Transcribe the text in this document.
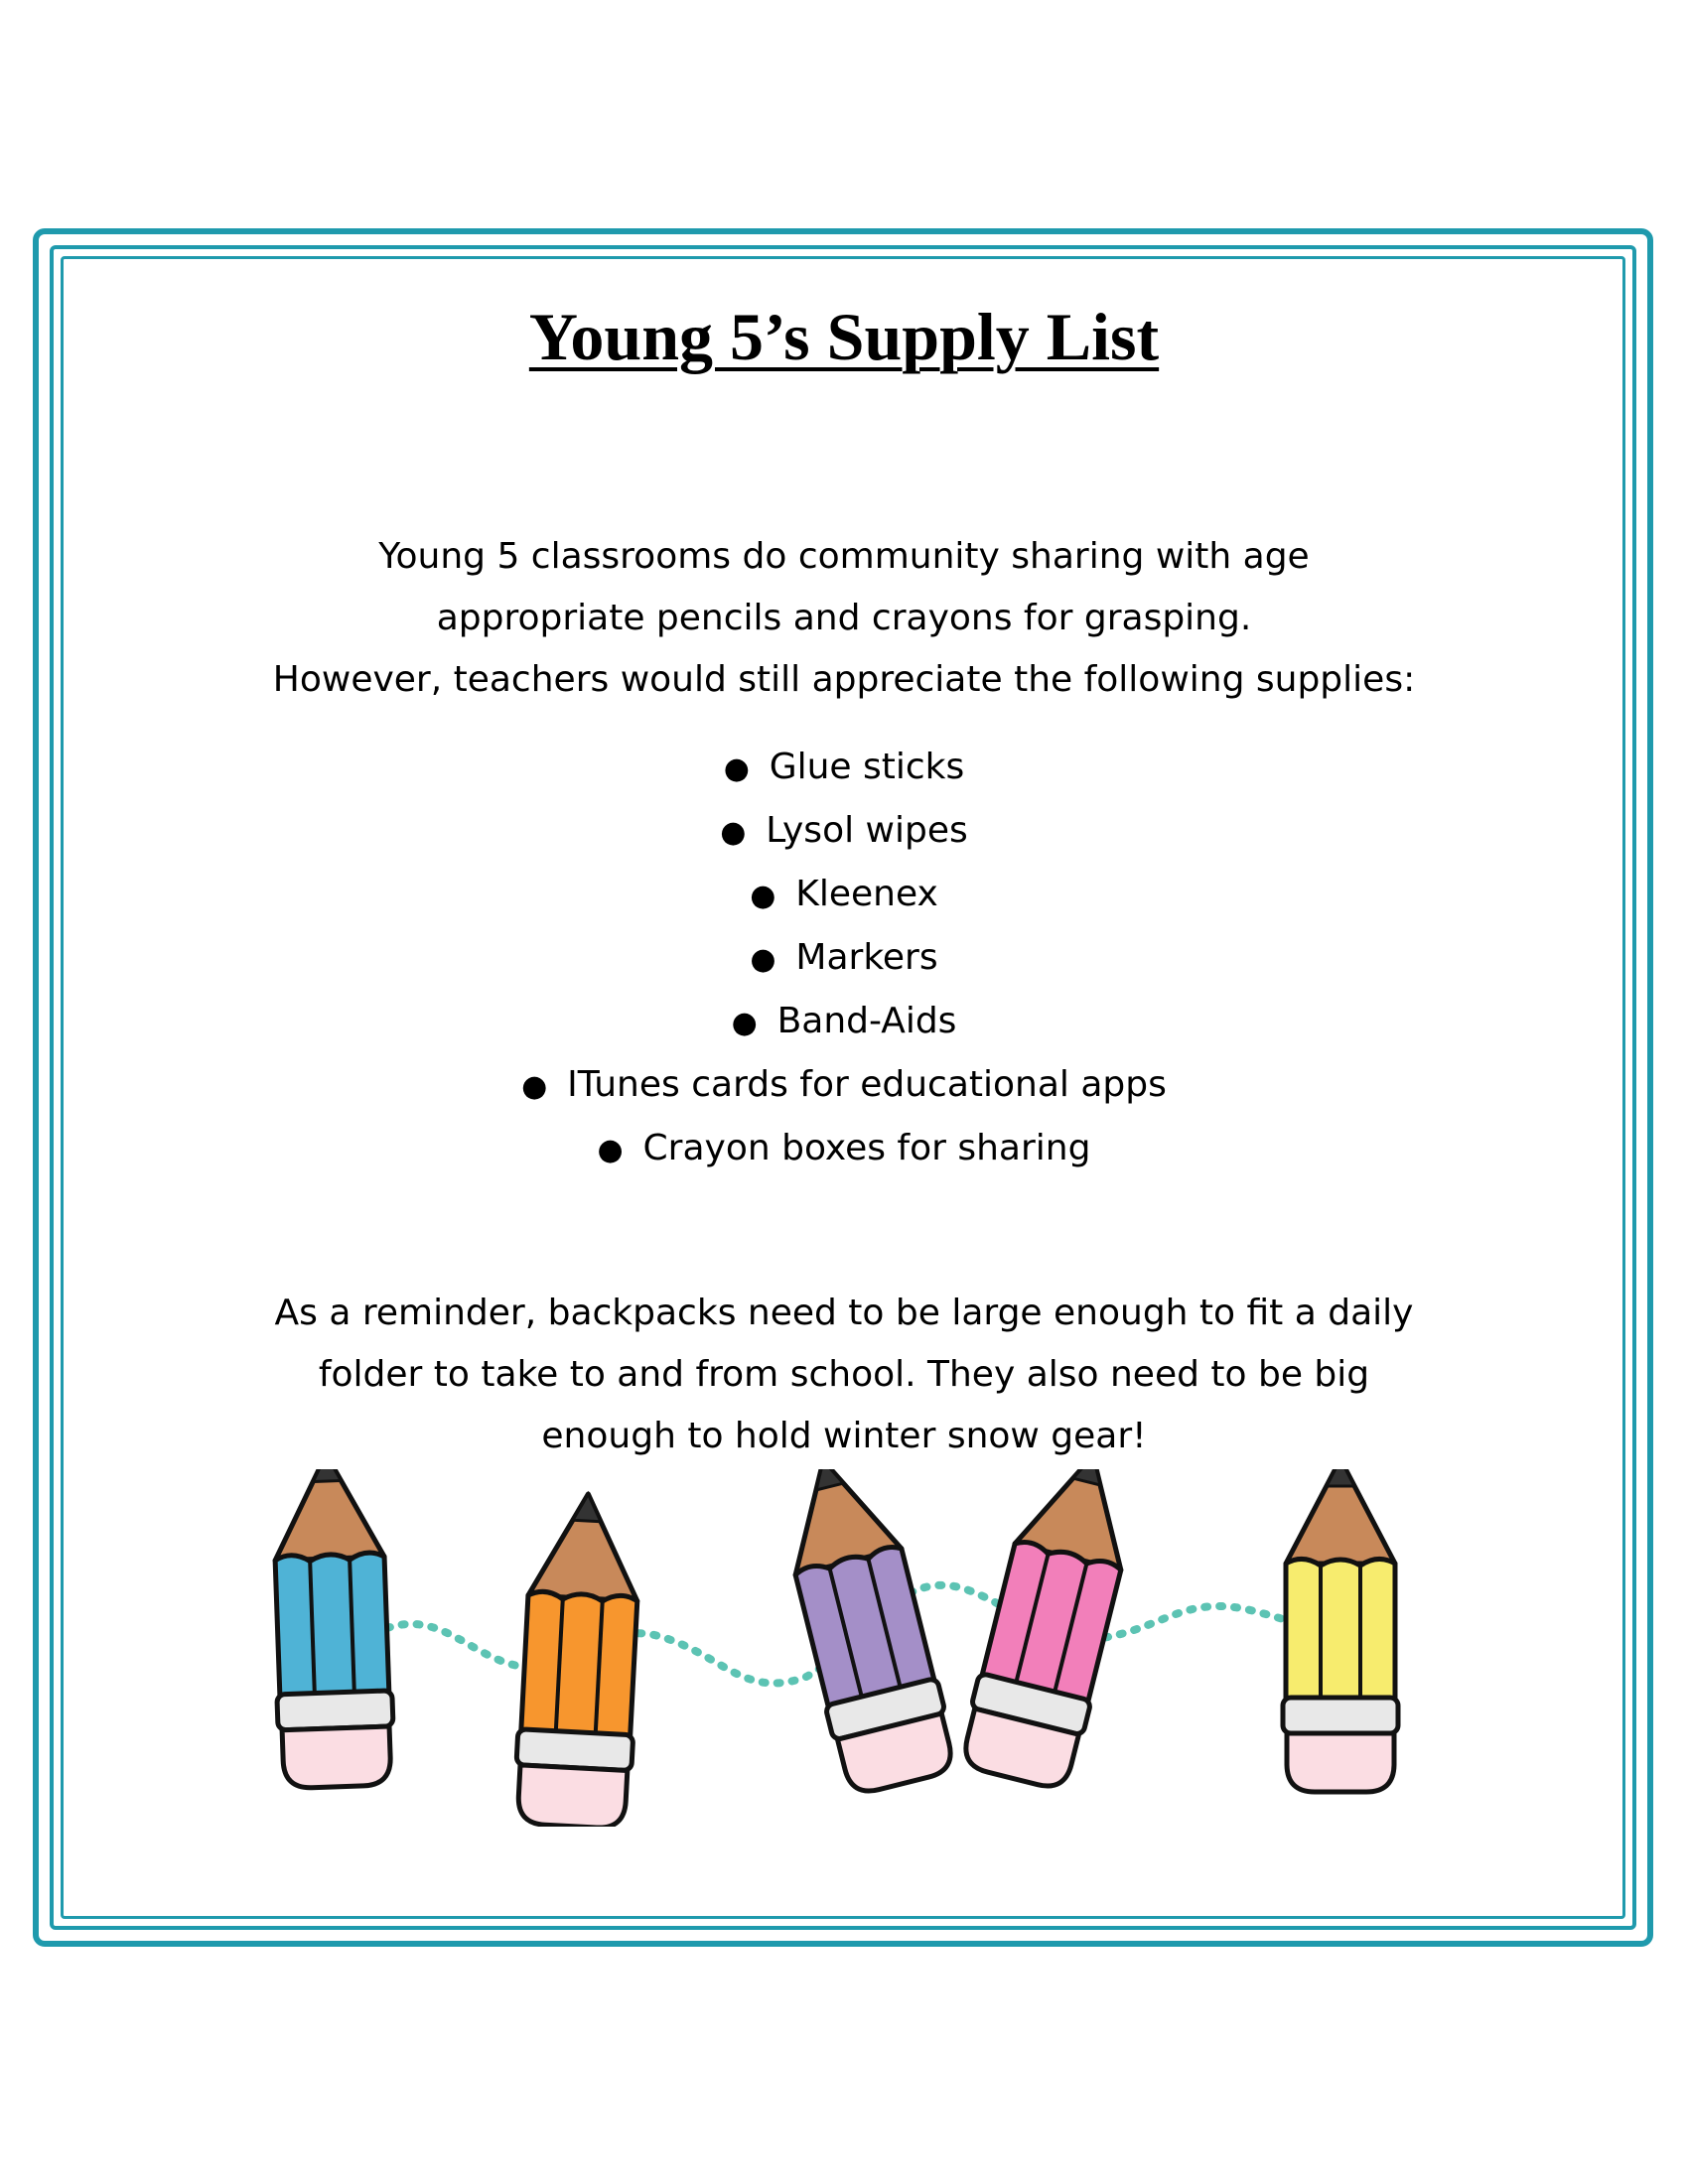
Young 5’s Supply List
Young 5 classrooms do community sharing with age
appropriate pencils and crayons for grasping.
However, teachers would still appreciate the following supplies:
● Glue sticks
● Lysol wipes
● Kleenex
● Markers
● Band-Aids
● ITunes cards for educational apps
● Crayon boxes for sharing
As a reminder, backpacks need to be large enough to fit a daily
folder to take to and from school. They also need to be big
enough to hold winter snow gear!
